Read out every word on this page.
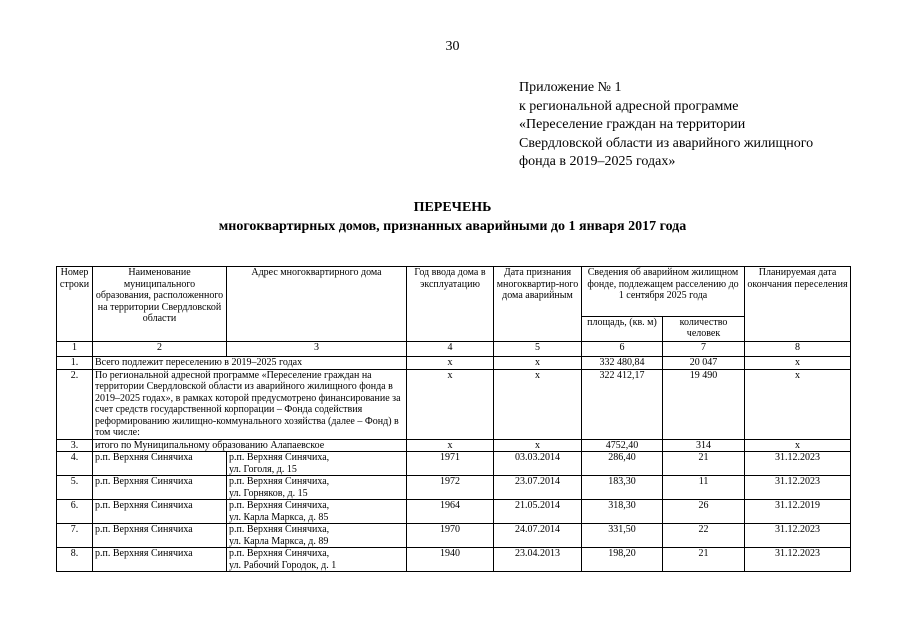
30
Приложение № 1
к региональной адресной программе
«Переселение граждан на территории
Свердловской области из аварийного жилищного
фонда в 2019–2025 годах»
ПЕРЕЧЕНЬ
многоквартирных домов, признанных аварийными до 1 января 2017 года
Номер строки	Наименование муниципального образования, расположенного на территории Свердловской области	Адрес многоквартирного дома	Год ввода дома в эксплуатацию	Дата признания многоквартир-ного дома аварийным	Сведения об аварийном жилищном фонде, подлежащем расселению до 1 сентября 2025 года		Планируемая дата окончания переселения
					площадь, (кв. м)	количество человек	
1	2	3	4	5	6	7	8
1.	Всего подлежит переселению в 2019–2025 годах		х	х	332 480,84	20 047	х
2.	По региональной адресной программе «Переселение граждан на территории Свердловской области из аварийного жилищного фонда в 2019–2025 годах», в рамках которой предусмотрено финансирование за счет средств государственной корпорации – Фонда содействия реформированию жилищно-коммунального хозяйства (далее – Фонд) в том числе:		х	х	322 412,17	19 490	х
3.	итого по Муниципальному образованию Алапаевское		х	х	4752,40	314	х
4.	р.п. Верхняя Синячиха	р.п. Верхняя Синячиха,
ул. Гоголя, д. 15	1971	03.03.2014	286,40	21	31.12.2023
5.	р.п. Верхняя Синячиха	р.п. Верхняя Синячиха,
ул. Горняков, д. 15	1972	23.07.2014	183,30	11	31.12.2023
6.	р.п. Верхняя Синячиха	р.п. Верхняя Синячиха,
ул. Карла Маркса, д. 85	1964	21.05.2014	318,30	26	31.12.2019
7.	р.п. Верхняя Синячиха	р.п. Верхняя Синячиха,
ул. Карла Маркса, д. 89	1970	24.07.2014	331,50	22	31.12.2023
8.	р.п. Верхняя Синячиха	р.п. Верхняя Синячиха,
ул. Рабочий Городок, д. 1	1940	23.04.2013	198,20	21	31.12.2023
